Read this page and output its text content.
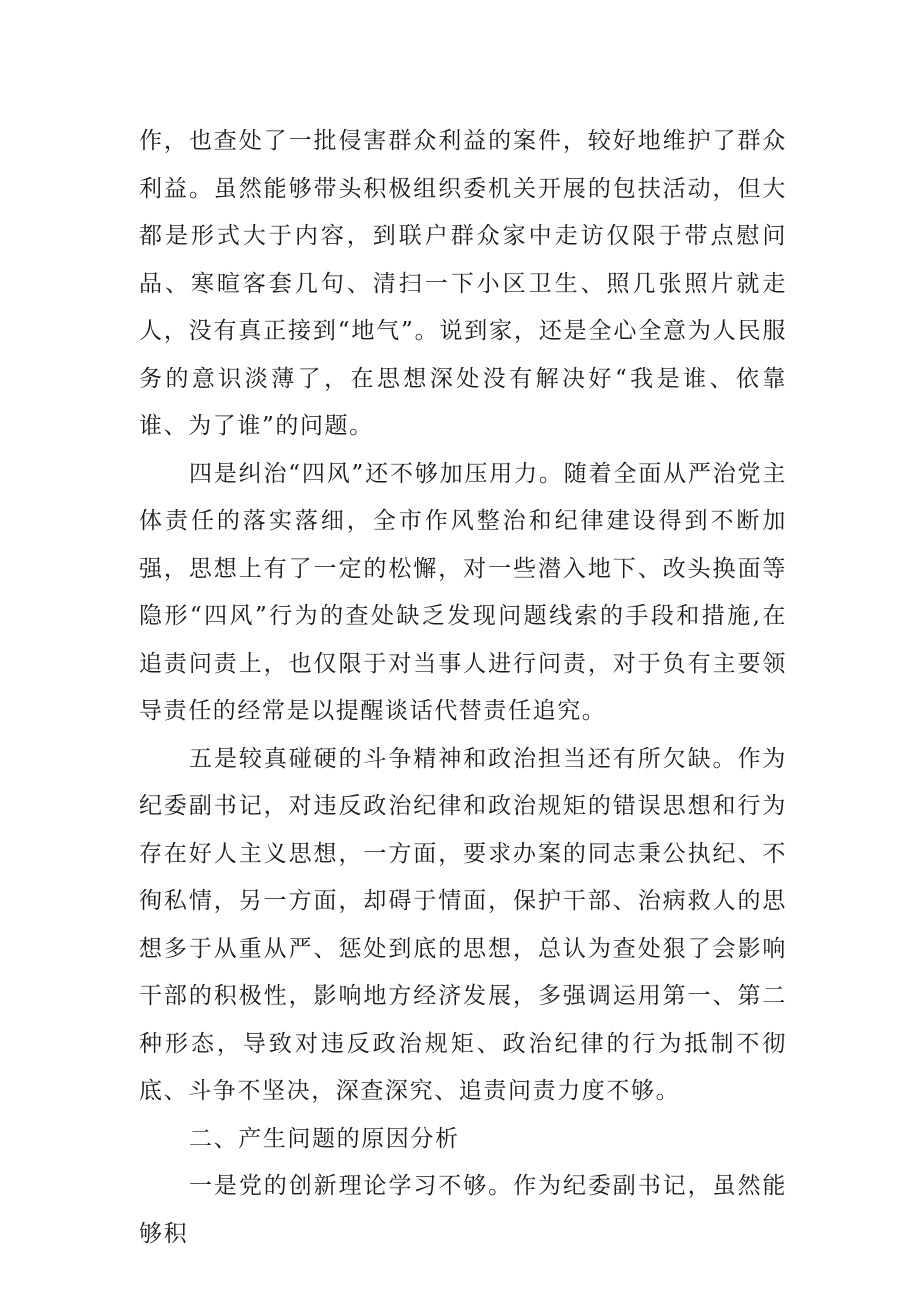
作，也查处了一批侵害群众利益的案件，较好地维护了群众利益。虽然能够带头积极组织委机关开展的包扶活动，但大都是形式大于内容，到联户群众家中走访仅限于带点慰问品、寒暄客套几句、清扫一下小区卫生、照几张照片就走人，没有真正接到“地气”。说到家，还是全心全意为人民服务的意识淡薄了，在思想深处没有解决好“我是谁、依靠谁、为了谁”的问题。

四是纠治“四风”还不够加压用力。随着全面从严治党主体责任的落实落细，全市作风整治和纪律建设得到不断加强，思想上有了一定的松懈，对一些潜入地下、改头换面等隐形“四风”行为的查处缺乏发现问题线索的手段和措施,在追责问责上，也仅限于对当事人进行问责，对于负有主要领导责任的经常是以提醒谈话代替责任追究。

五是较真碰硬的斗争精神和政治担当还有所欠缺。作为纪委副书记，对违反政治纪律和政治规矩的错误思想和行为存在好人主义思想，一方面，要求办案的同志秉公执纪、不徇私情，另一方面，却碍于情面，保护干部、治病救人的思想多于从重从严、惩处到底的思想，总认为查处狠了会影响干部的积极性，影响地方经济发展，多强调运用第一、第二种形态，导致对违反政治规矩、政治纪律的行为抵制不彻底、斗争不坚决，深查深究、追责问责力度不够。

二、产生问题的原因分析

一是党的创新理论学习不够。作为纪委副书记，虽然能够积
